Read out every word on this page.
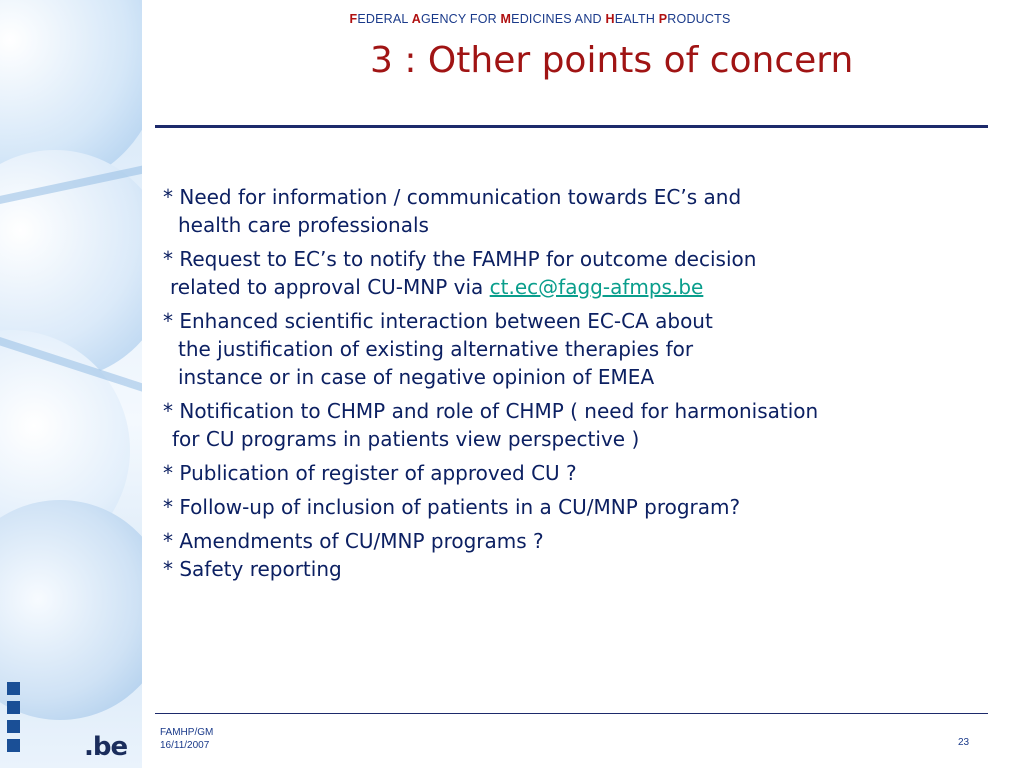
.be
FEDERAL AGENCY FOR MEDICINES AND HEALTH PRODUCTS
3 : Other points of concern
* Need for information / communication towards EC’s and
health care professionals
* Request to EC’s to notify the FAMHP for outcome decision
related to approval CU-MNP via ct.ec@fagg-afmps.be
* Enhanced scientific interaction between EC-CA about
the justification of existing alternative therapies for
instance or in case of negative opinion of EMEA
* Notification to CHMP and role of CHMP ( need for harmonisation
for CU programs in patients view perspective )
* Publication of register of approved CU ?
* Follow-up of inclusion of patients in a CU/MNP program?
* Amendments of CU/MNP programs ?
* Safety reporting
FAMHP/GM
16/11/2007	23
